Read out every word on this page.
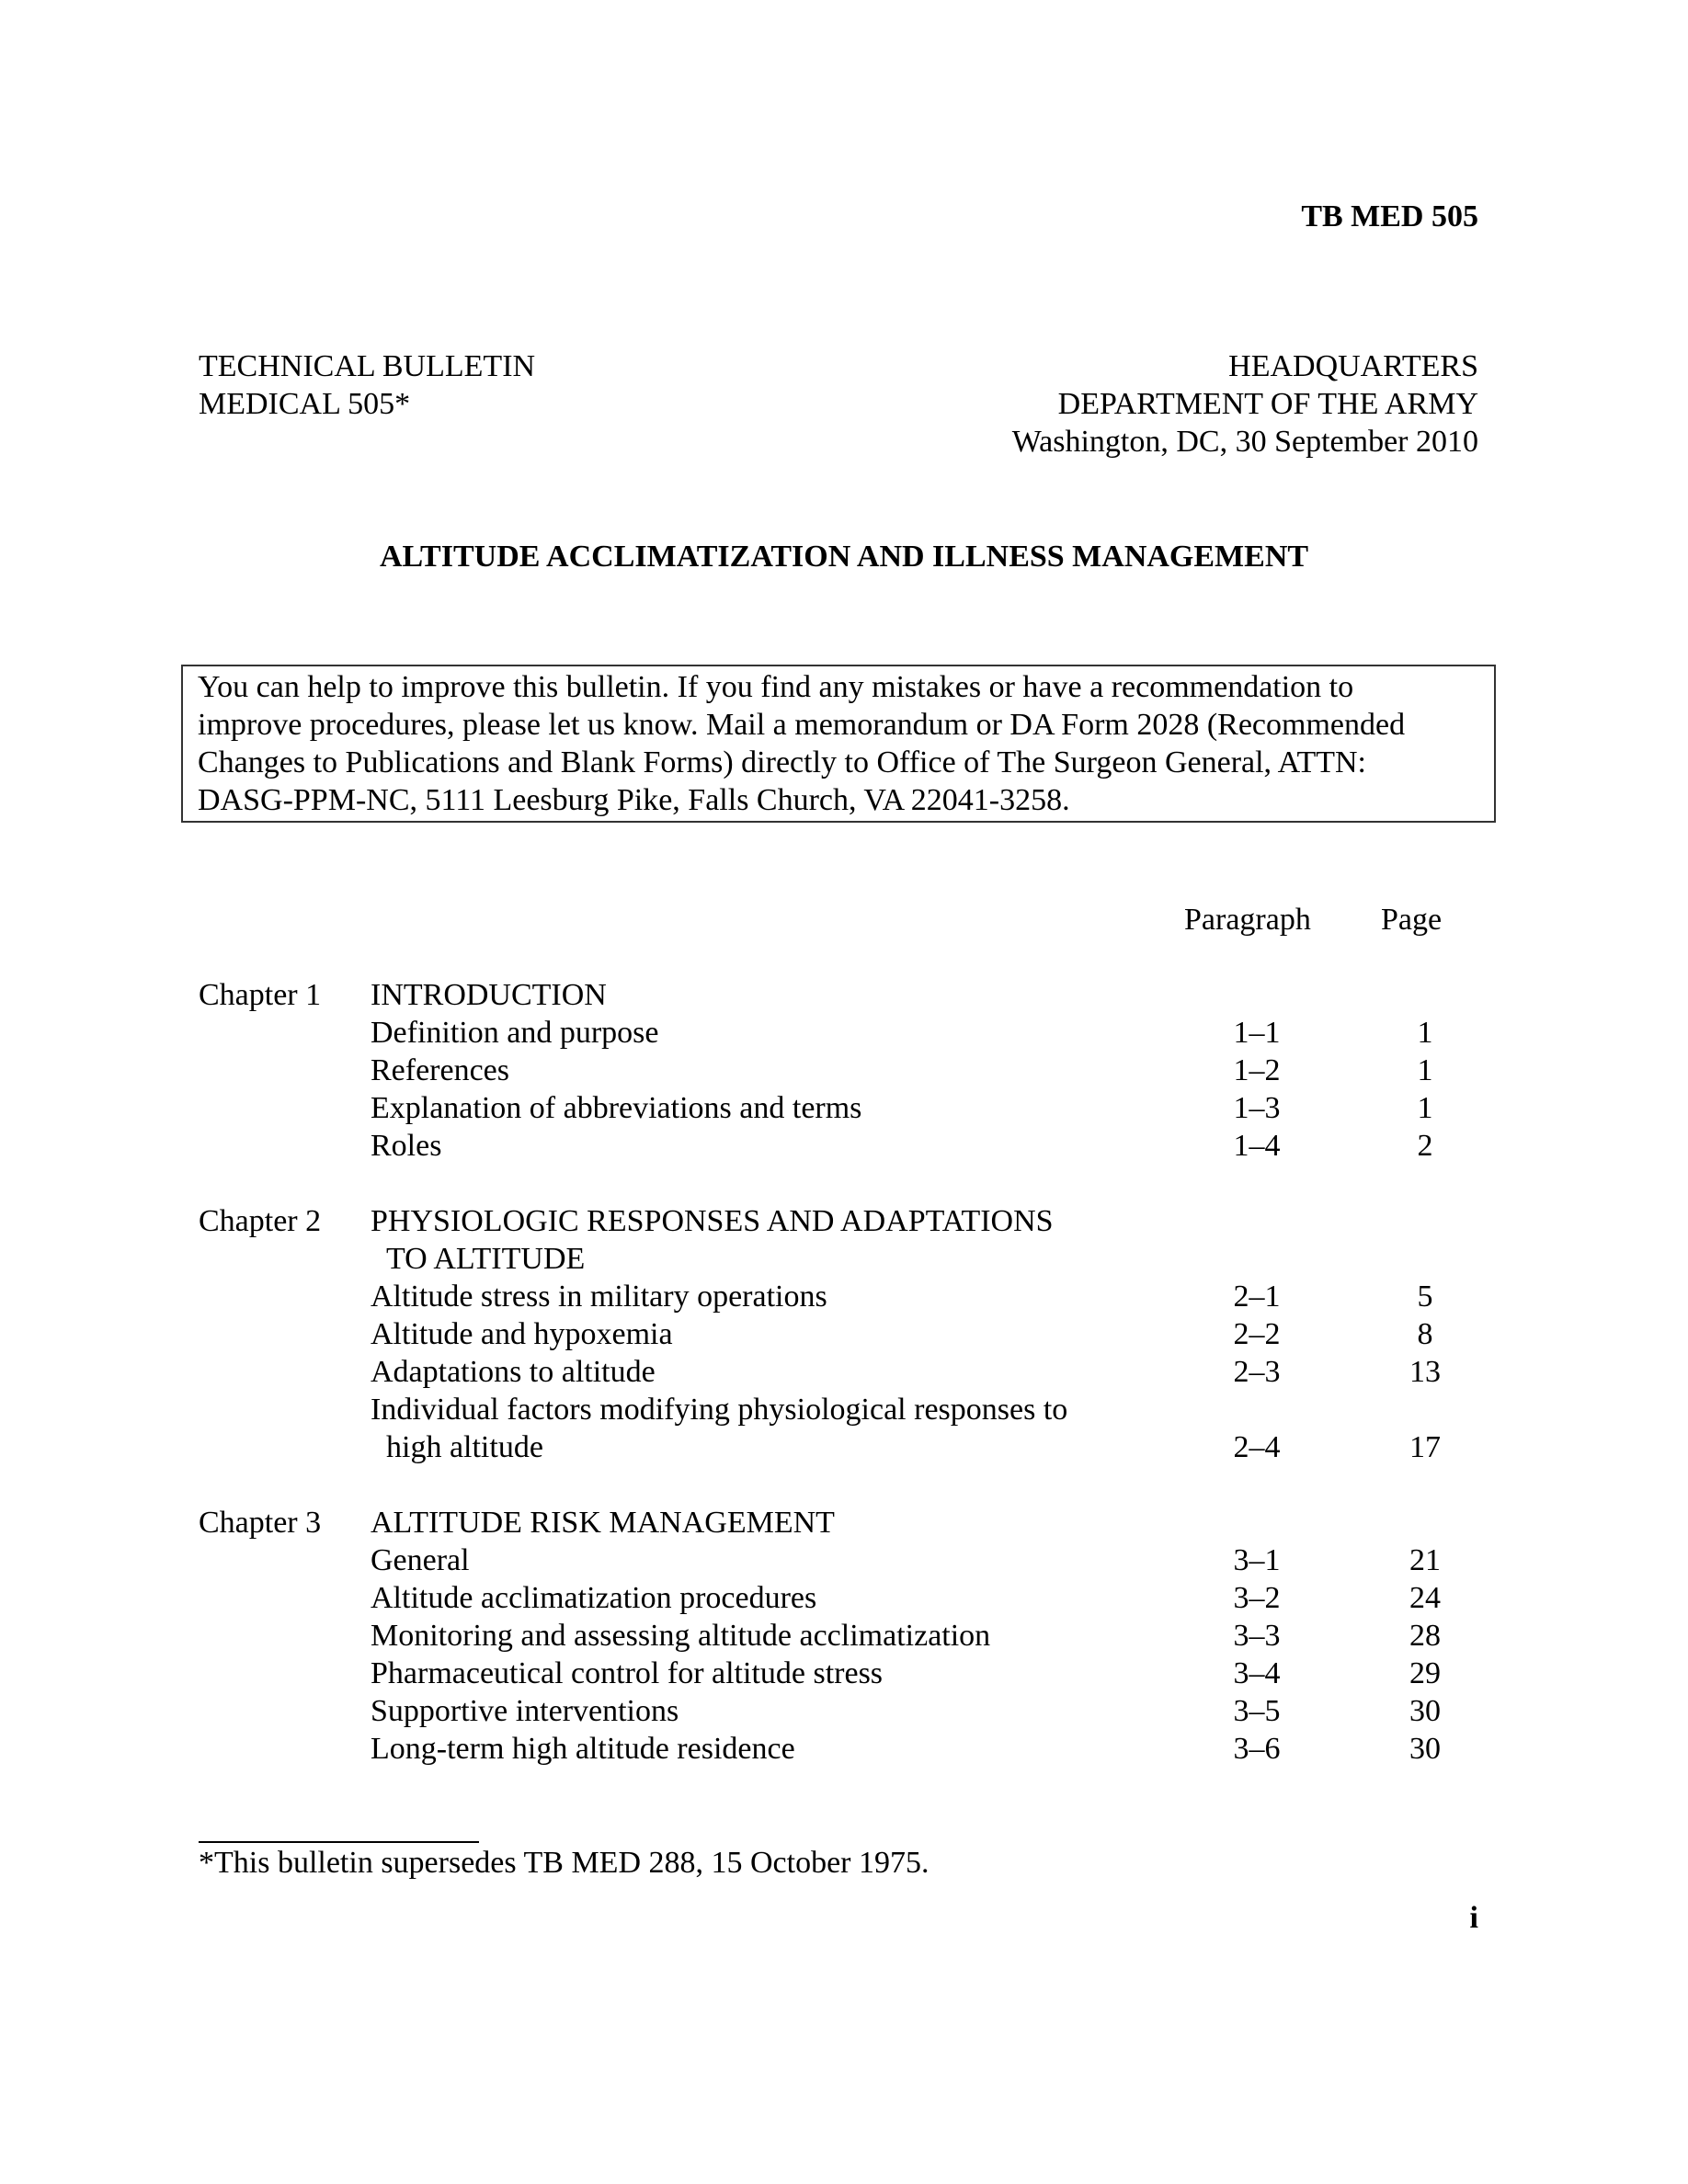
TB MED 505
TECHNICAL BULLETIN
MEDICAL 505*
HEADQUARTERS
DEPARTMENT OF THE ARMY
Washington, DC, 30 September 2010
ALTITUDE ACCLIMATIZATION AND ILLNESS MANAGEMENT

You can help to improve this bulletin. If you find any mistakes or have a recommendation to

improve procedures, please let us know. Mail a memorandum or DA Form 2028 (Recommended

Changes to Publications and Blank Forms) directly to Office of The Surgeon General, ATTN:

DASG-PPM-NC, 5111 Leesburg Pike, Falls Church, VA 22041-3258.

Paragraph Page
Chapter 1 INTRODUCTION
Definition and purpose	1–1	1
References	1–2	1
Explanation of abbreviations and terms	1–3	1
Roles	1–4	2
Chapter 2 PHYSIOLOGIC RESPONSES AND ADAPTATIONS
TO ALTITUDE
Altitude stress in military operations	2–1	5
Altitude and hypoxemia	2–2	8
Adaptations to altitude	2–3	13
Individual factors modifying physiological responses to
high altitude	2–4	17
Chapter 3 ALTITUDE RISK MANAGEMENT
General	3–1	21
Altitude acclimatization procedures	3–2	24
Monitoring and assessing altitude acclimatization	3–3	28
Pharmaceutical control for altitude stress	3–4	29
Supportive interventions	3–5	30
Long-term high altitude residence	3–6	30
*This bulletin supersedes TB MED 288, 15 October 1975.
i
